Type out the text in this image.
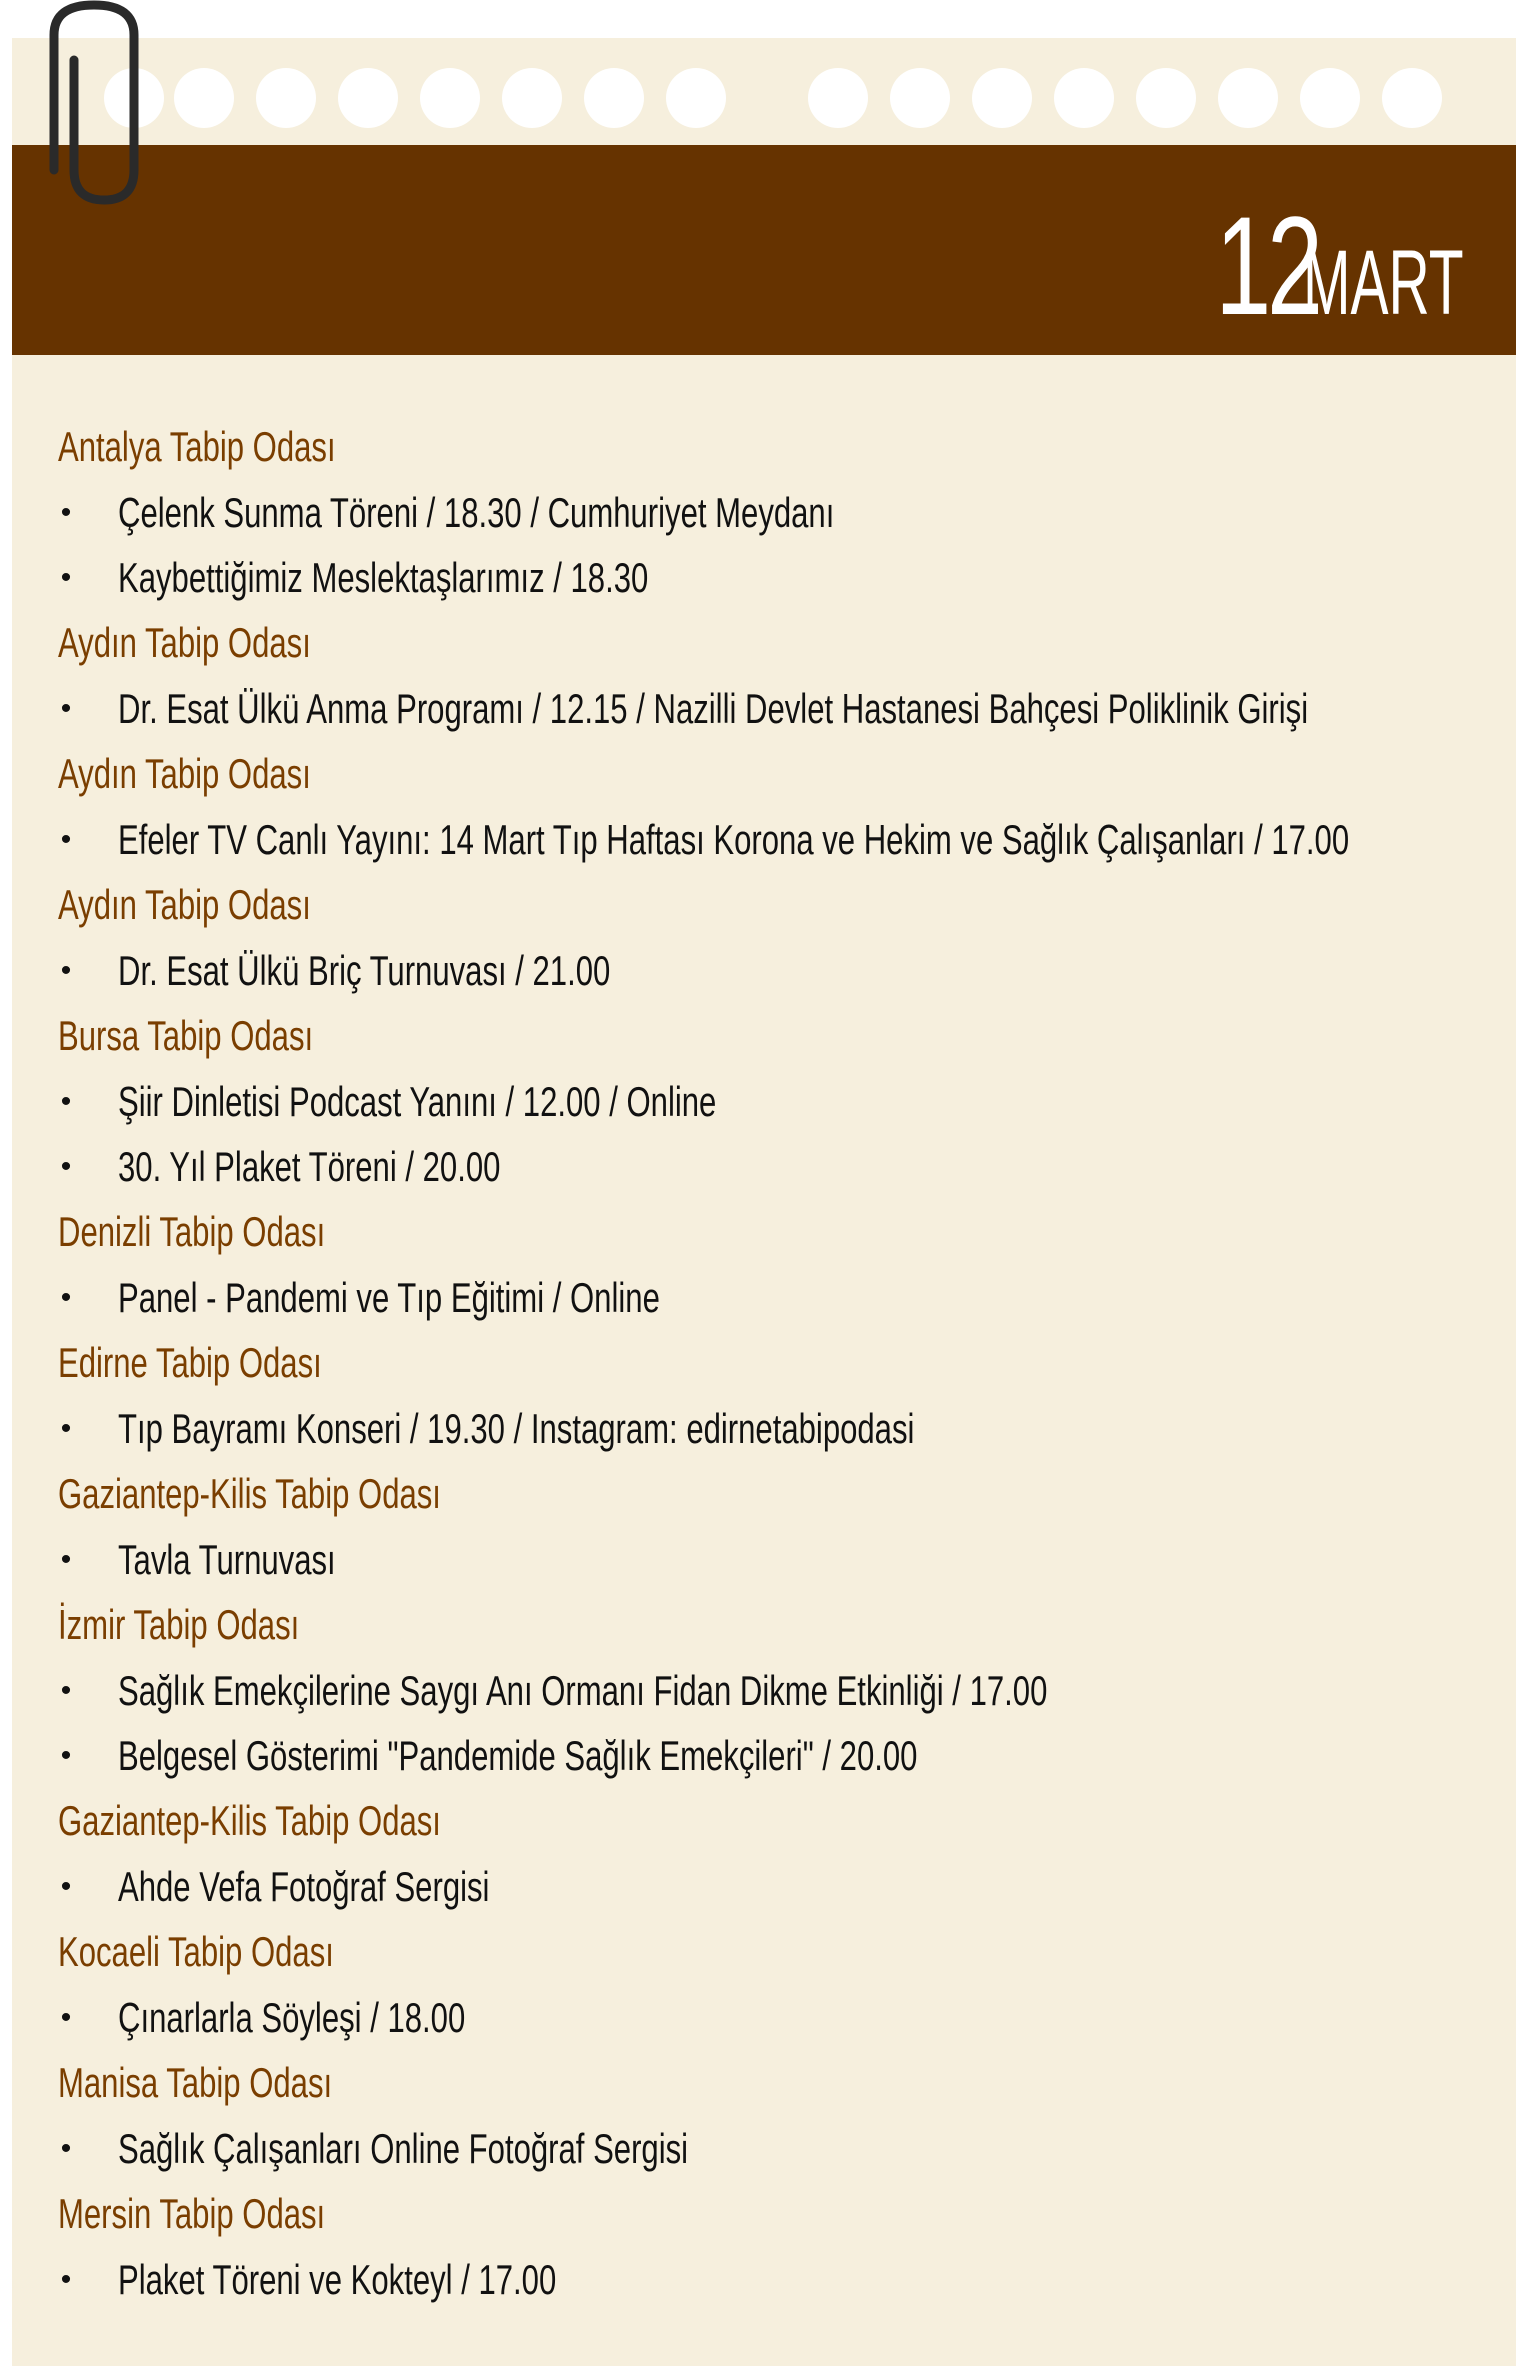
12
MART
Antalya Tabip Odası
• Çelenk Sunma Töreni / 18.30 / Cumhuriyet Meydanı
• Kaybettiğimiz Meslektaşlarımız / 18.30
Aydın Tabip Odası
• Dr. Esat Ülkü Anma Programı / 12.15 / Nazilli Devlet Hastanesi Bahçesi Poliklinik Girişi
Aydın Tabip Odası
• Efeler TV Canlı Yayını: 14 Mart Tıp Haftası Korona ve Hekim ve Sağlık Çalışanları / 17.00
Aydın Tabip Odası
• Dr. Esat Ülkü Briç Turnuvası / 21.00
Bursa Tabip Odası
• Şiir Dinletisi Podcast Yanını / 12.00 / Online
• 30. Yıl Plaket Töreni / 20.00
Denizli Tabip Odası
• Panel - Pandemi ve Tıp Eğitimi / Online
Edirne Tabip Odası
• Tıp Bayramı Konseri / 19.30 / Instagram: edirnetabipodasi
Gaziantep-Kilis Tabip Odası
• Tavla Turnuvası
İzmir Tabip Odası
• Sağlık Emekçilerine Saygı Anı Ormanı Fidan Dikme Etkinliği / 17.00
• Belgesel Gösterimi "Pandemide Sağlık Emekçileri" / 20.00
Gaziantep-Kilis Tabip Odası
• Ahde Vefa Fotoğraf Sergisi
Kocaeli Tabip Odası
• Çınarlarla Söyleşi / 18.00
Manisa Tabip Odası
• Sağlık Çalışanları Online Fotoğraf Sergisi
Mersin Tabip Odası
• Plaket Töreni ve Kokteyl / 17.00
